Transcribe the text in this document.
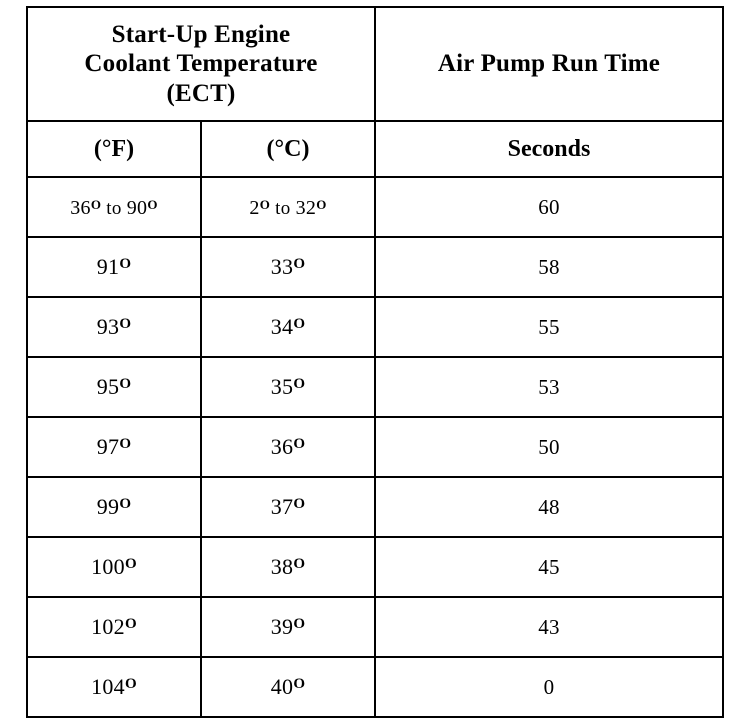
Start-Up Engine
Coolant Temperature
(ECT)		Air Pump Run Time
(°F)	(°C)	Seconds
$36^O$ to $90^O$	$2^O$ to $32^O$	60
$91^O$	$33^O$	58
$93^O$	$34^O$	55
$95^O$	$35^O$	53
$97^O$	$36^O$	50
$99^O$	$37^O$	48
$100^O$	$38^O$	45
$102^O$	$39^O$	43
$104^O$	$40^O$	0
